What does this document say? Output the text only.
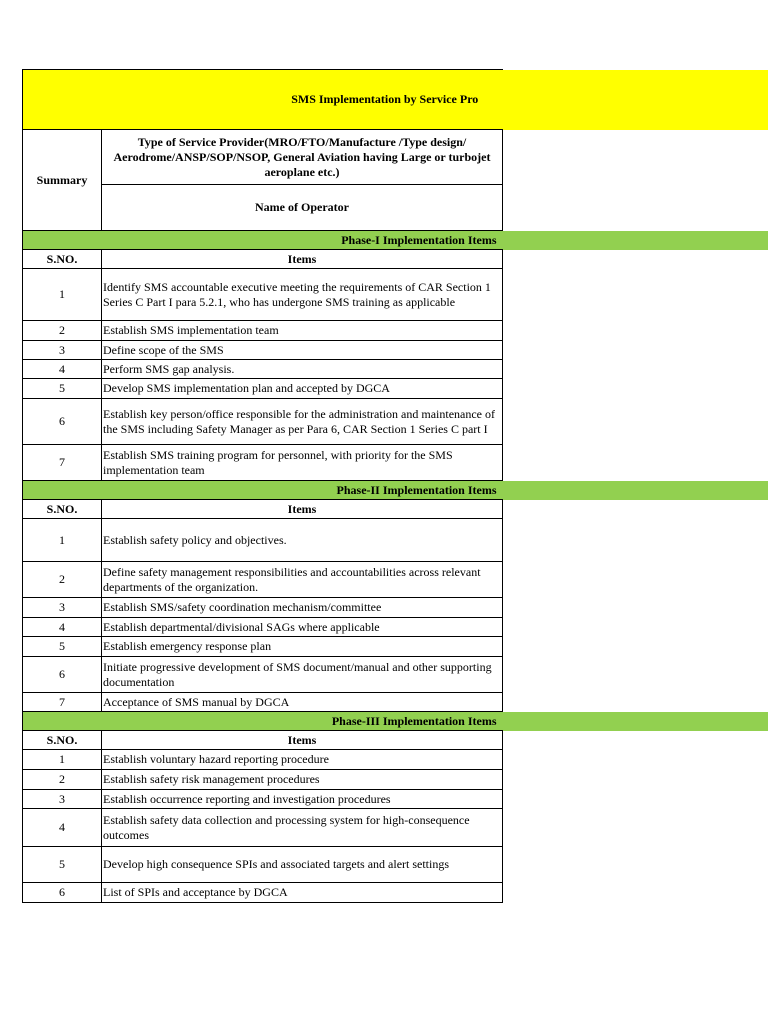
SMS Implementation by Service Pro		
Summary	Type of Service Provider(MRO/FTO/Manufacture /Type design/ Aerodrome/ANSP/SOP/NSOP, General Aviation having Large or turbojet aeroplane etc.)	
	Name of Operator	
Phase-I Implementation Items		
S.NO.	Items	
1	Identify SMS accountable executive meeting the requirements of CAR Section 1 Series C Part I para 5.2.1, who has undergone SMS training as applicable	
2	Establish SMS implementation team	
3	Define scope of the SMS	
4	Perform SMS gap analysis.	
5	Develop SMS implementation plan and accepted by DGCA	
6	Establish key person/office responsible for the administration and maintenance of the SMS including Safety Manager as per Para 6, CAR Section 1 Series C part I	
7	Establish SMS training program for personnel, with priority for the SMS implementation team	
Phase-II Implementation Items		
S.NO.	Items	
1	Establish safety policy and objectives.	
2	Define safety management responsibilities and accountabilities across relevant departments of the organization.	
3	Establish SMS/safety coordination mechanism/committee	
4	Establish departmental/divisional SAGs where applicable	
5	Establish emergency response plan	
6	Initiate progressive development of SMS document/manual and other supporting documentation	
7	Acceptance of SMS manual by DGCA	
Phase-III Implementation Items		
S.NO.	Items	
1	Establish voluntary hazard reporting procedure	
2	Establish safety risk management procedures	
3	Establish occurrence reporting and investigation procedures	
4	Establish safety data collection and processing system for high-consequence outcomes	
5	Develop high consequence SPIs and associated targets and alert settings	
6	List of SPIs and acceptance by DGCA	
